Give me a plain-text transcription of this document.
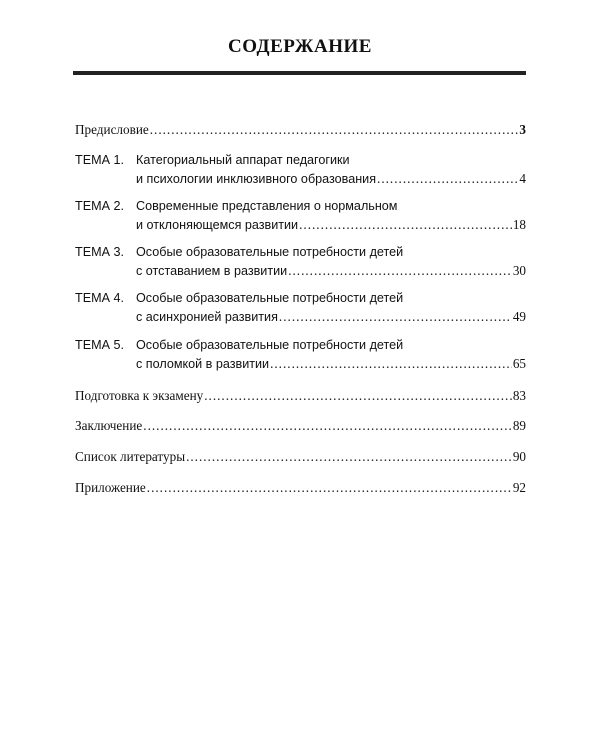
СОДЕРЖАНИЕ
Предисловие .....	3
ТЕМА 1. Категориальный аппарат педагогики
и психологии инклюзивного образования .....	4
ТЕМА 2. Современные представления о нормальном
и отклоняющемся развитии .....	18
ТЕМА 3. Особые образовательные потребности детей
с отставанием в развитии .....	30
ТЕМА 4. Особые образовательные потребности детей
с асинхронией развития .....	49
ТЕМА 5. Особые образовательные потребности детей
с поломкой в развитии .....	65
Подготовка к экзамену .....	83
Заключение .....	89
Список литературы .....	90
Приложение .....	92
